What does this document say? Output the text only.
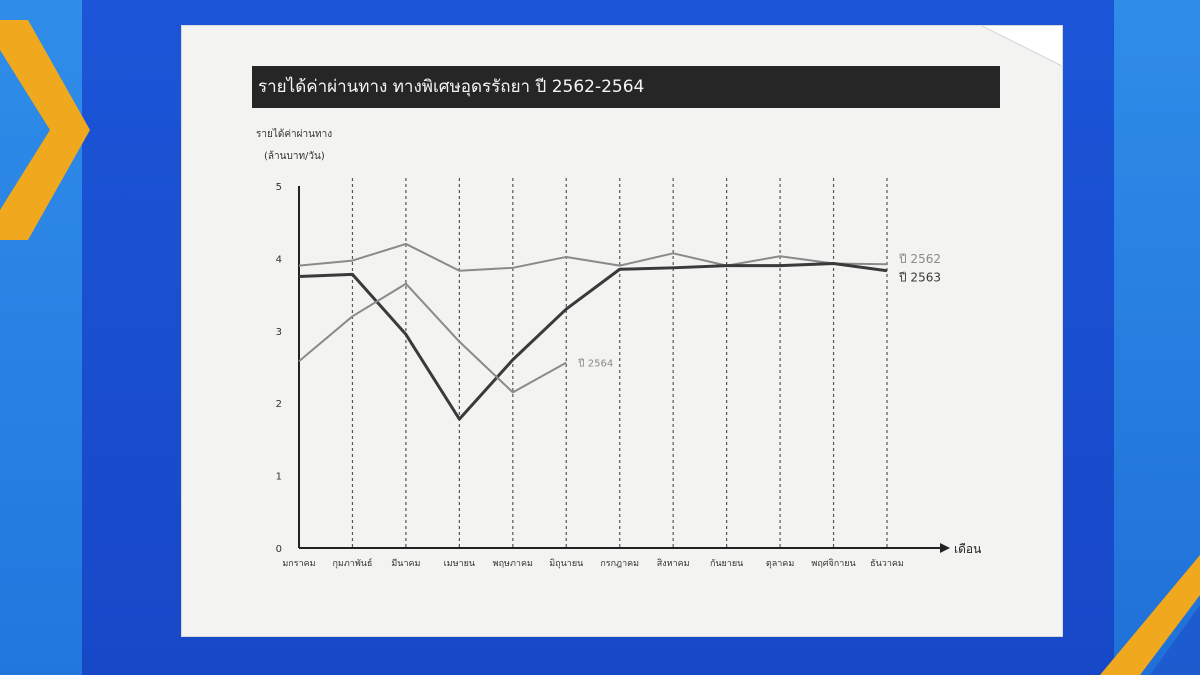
รายได้ค่าผ่านทาง ทางพิเศษอุดรรัถยา ปี 2562-2564
0
1
2
3
4
5
มกราคม กุมภาพันธ์ มีนาคม	เมษายน พฤษภาคม มิถุนายน กรกฎาคม สิงหาคม กันยายน	ตุลาคม พฤศจิกายน ธันวาคม
ปี 2562
ปี 2563
ปี 2564
รายได้ค่าผ่านทาง
(ล้านบาท/วัน)
เดือน
